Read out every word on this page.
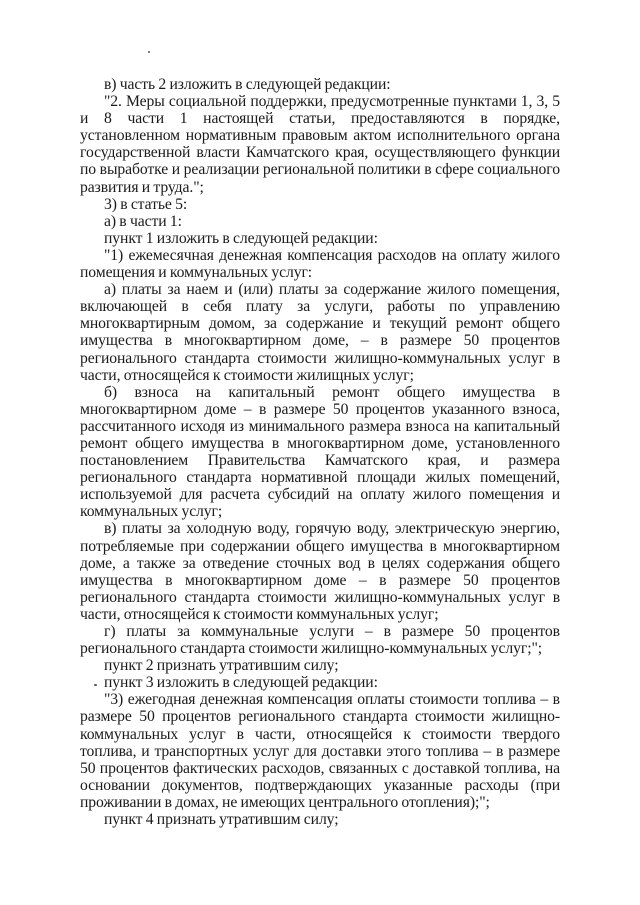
в) часть 2 изложить в следующей редакции:

"2. Меры социальной поддержки, предусмотренные пунктами 1, 3, 5 и 8 части 1 настоящей статьи, предоставляются в порядке, установленном нормативным правовым актом исполнительного органа государственной власти Камчатского края, осуществляющего функции по выработке и реализации региональной политики в сфере социального развития и труда.";

3) в статье 5:

а) в части 1:

пункт 1 изложить в следующей редакции:

"1) ежемесячная денежная компенсация расходов на оплату жилого помещения и коммунальных услуг:

а) платы за наем и (или) платы за содержание жилого помещения, включающей в себя плату за услуги, работы по управлению многоквартирным домом, за содержание и текущий ремонт общего имущества в многоквартирном доме, – в размере 50 процентов регионального стандарта стоимости жилищно-коммунальных услуг в части, относящейся к стоимости жилищных услуг;

б) взноса на капитальный ремонт общего имущества в многоквартирном доме – в размере 50 процентов указанного взноса, рассчитанного исходя из минимального размера взноса на капитальный ремонт общего имущества в многоквартирном доме, установленного постановлением Правительства Камчатского края, и размера регионального стандарта нормативной площади жилых помещений, используемой для расчета субсидий на оплату жилого помещения и коммунальных услуг;

в) платы за холодную воду, горячую воду, электрическую энергию, потребляемые при содержании общего имущества в многоквартирном доме, а также за отведение сточных вод в целях содержания общего имущества в многоквартирном доме – в размере 50 процентов регионального стандарта стоимости жилищно-коммунальных услуг в части, относящейся к стоимости коммунальных услуг;

г) платы за коммунальные услуги – в размере 50 процентов регионального стандарта стоимости жилищно-коммунальных услуг;";

пункт 2 признать утратившим силу;

пункт 3 изложить в следующей редакции:

"3) ежегодная денежная компенсация оплаты стоимости топлива – в размере 50 процентов регионального стандарта стоимости жилищно-коммунальных услуг в части, относящейся к стоимости твердого топлива, и транспортных услуг для доставки этого топлива – в размере 50 процентов фактических расходов, связанных с доставкой топлива, на основании документов, подтверждающих указанные расходы (при проживании в домах, не имеющих центрального отопления);";

пункт 4 признать утратившим силу;
